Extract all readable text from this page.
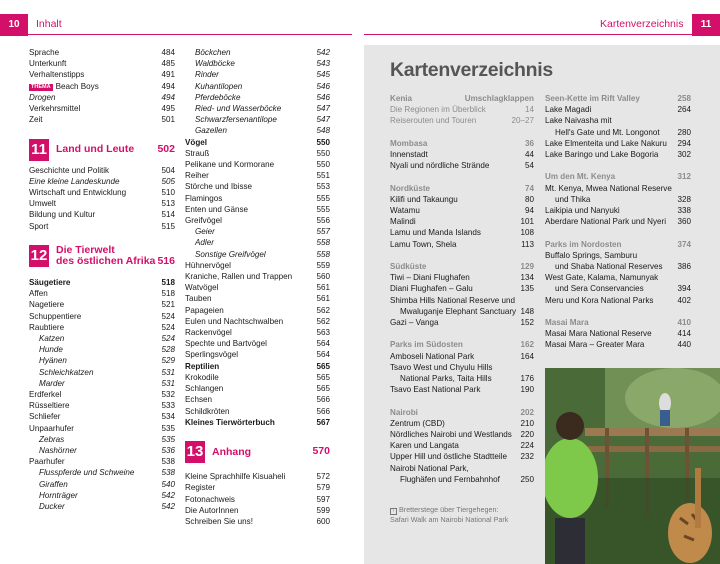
10	Inhalt	11
Kartenverzeichnis
Sprache	484
Unterkunft	485
Verhaltenstipps	491
THEMA Beach Boys	494
Drogen	494
Verkehrsmittel	495
Zeit	501
11 Land und Leute	502
Geschichte und Politik	504
Eine kleine Landeskunde	505
Wirtschaft und Entwicklung	510
Umwelt	513
Bildung und Kultur	514
Sport	515
12 Die Tierwelt
des östlichen Afrika 516
Säugetiere	518
Affen	518
Nagetiere	521
Schuppentiere	524
Raubtiere	524
Katzen	524
Hunde	528
Hyänen	529
Schleichkatzen	531
Marder	531
Erdferkel	532
Rüsseltiere	533
Schliefer	534
Unpaarhufer	535
Zebras	535
Nashörner	536
Paarhufer	538
Flusspferde und Schweine	538
Giraffen	540
Hornträger	542
Ducker	542
Böckchen	542
Waldböcke	543
Rinder	545
Kuhantilopen	546
Pferdeböcke	546
Ried- und Wasserböcke	547
Schwarzfersenantilope	547
Gazellen	548
Vögel	550
Strauß	550
Pelikane und Kormorane	550
Reiher	551
Störche und Ibisse	553
Flamingos	555
Enten und Gänse	555
Greifvögel	556
Geier	557
Adler	558
Sonstige Greifvögel	558
Hühnervögel	559
Kraniche, Rallen und Trappen	560
Watvögel	561
Tauben	561
Papageien	562
Eulen und Nachtschwalben	562
Rackenvögel	563
Spechte und Bartvögel	564
Sperlingsvögel	564
Reptilien	565
Krokodile	565
Schlangen	565
Echsen	566
Schildkröten	566
Kleines Tierwörterbuch	567
13 Anhang	570
Kleine Sprachhilfe Kisuaheli	572
Register	579
Fotonachweis	597
Die AutorInnen	599
Schreiben Sie uns!	600
Kartenverzeichnis
Kenia	Umschlagklappen
Die Regionen im Überblick	14
Reiserouten und Touren	20–27
Mombasa	36
Innenstadt	44
Nyali und nördliche Strände	54
Nordküste	74
Kilifi und Takaungu	80
Watamu	94
Malindi	101
Lamu und Manda Islands	108
Lamu Town, Shela	113
Südküste	129
Tiwi – Diani Flughafen	134
Diani Flughafen – Galu	135
Shimba Hills National Reserve und
Mwaluganje Elephant Sanctuary 148
Gazi – Vanga	152
Parks im Südosten	162
Amboseli National Park	164
Tsavo West und Chyulu Hills
National Parks, Taita Hills	176
Tsavo East National Park	190
Nairobi	202
Zentrum (CBD)	210
Nördliches Nairobi und Westlands	220
Karen und Langata	224
Upper Hill und östliche Stadtteile	232
Nairobi National Park,
Flughäfen und Fernbahnhof	250
Seen-Kette im Rift Valley	258
Lake Magadi	264
Lake Naivasha mit
Hell's Gate und Mt. Longonot	280
Lake Elmenteita und Lake Nakuru	294
Lake Baringo und Lake Bogoria	302
Um den Mt. Kenya	312
Mt. Kenya, Mwea National Reserve
und Thika	328
Laikipia und Nanyuki	338
Aberdare National Park und Nyeri	360
Parks im Nordosten	374
Buffalo Springs, Samburu
und Shaba National Reserves	386
West Gate, Kalama, Namunyak
und Sera Conservancies	394
Meru und Kora National Parks	402
Masai Mara	410
Masai Mara National Reserve	414
Masai Mara – Greater Mara	440
› Bretterstege über Tiergehegen:
Safari Walk am Nairobi National Park
